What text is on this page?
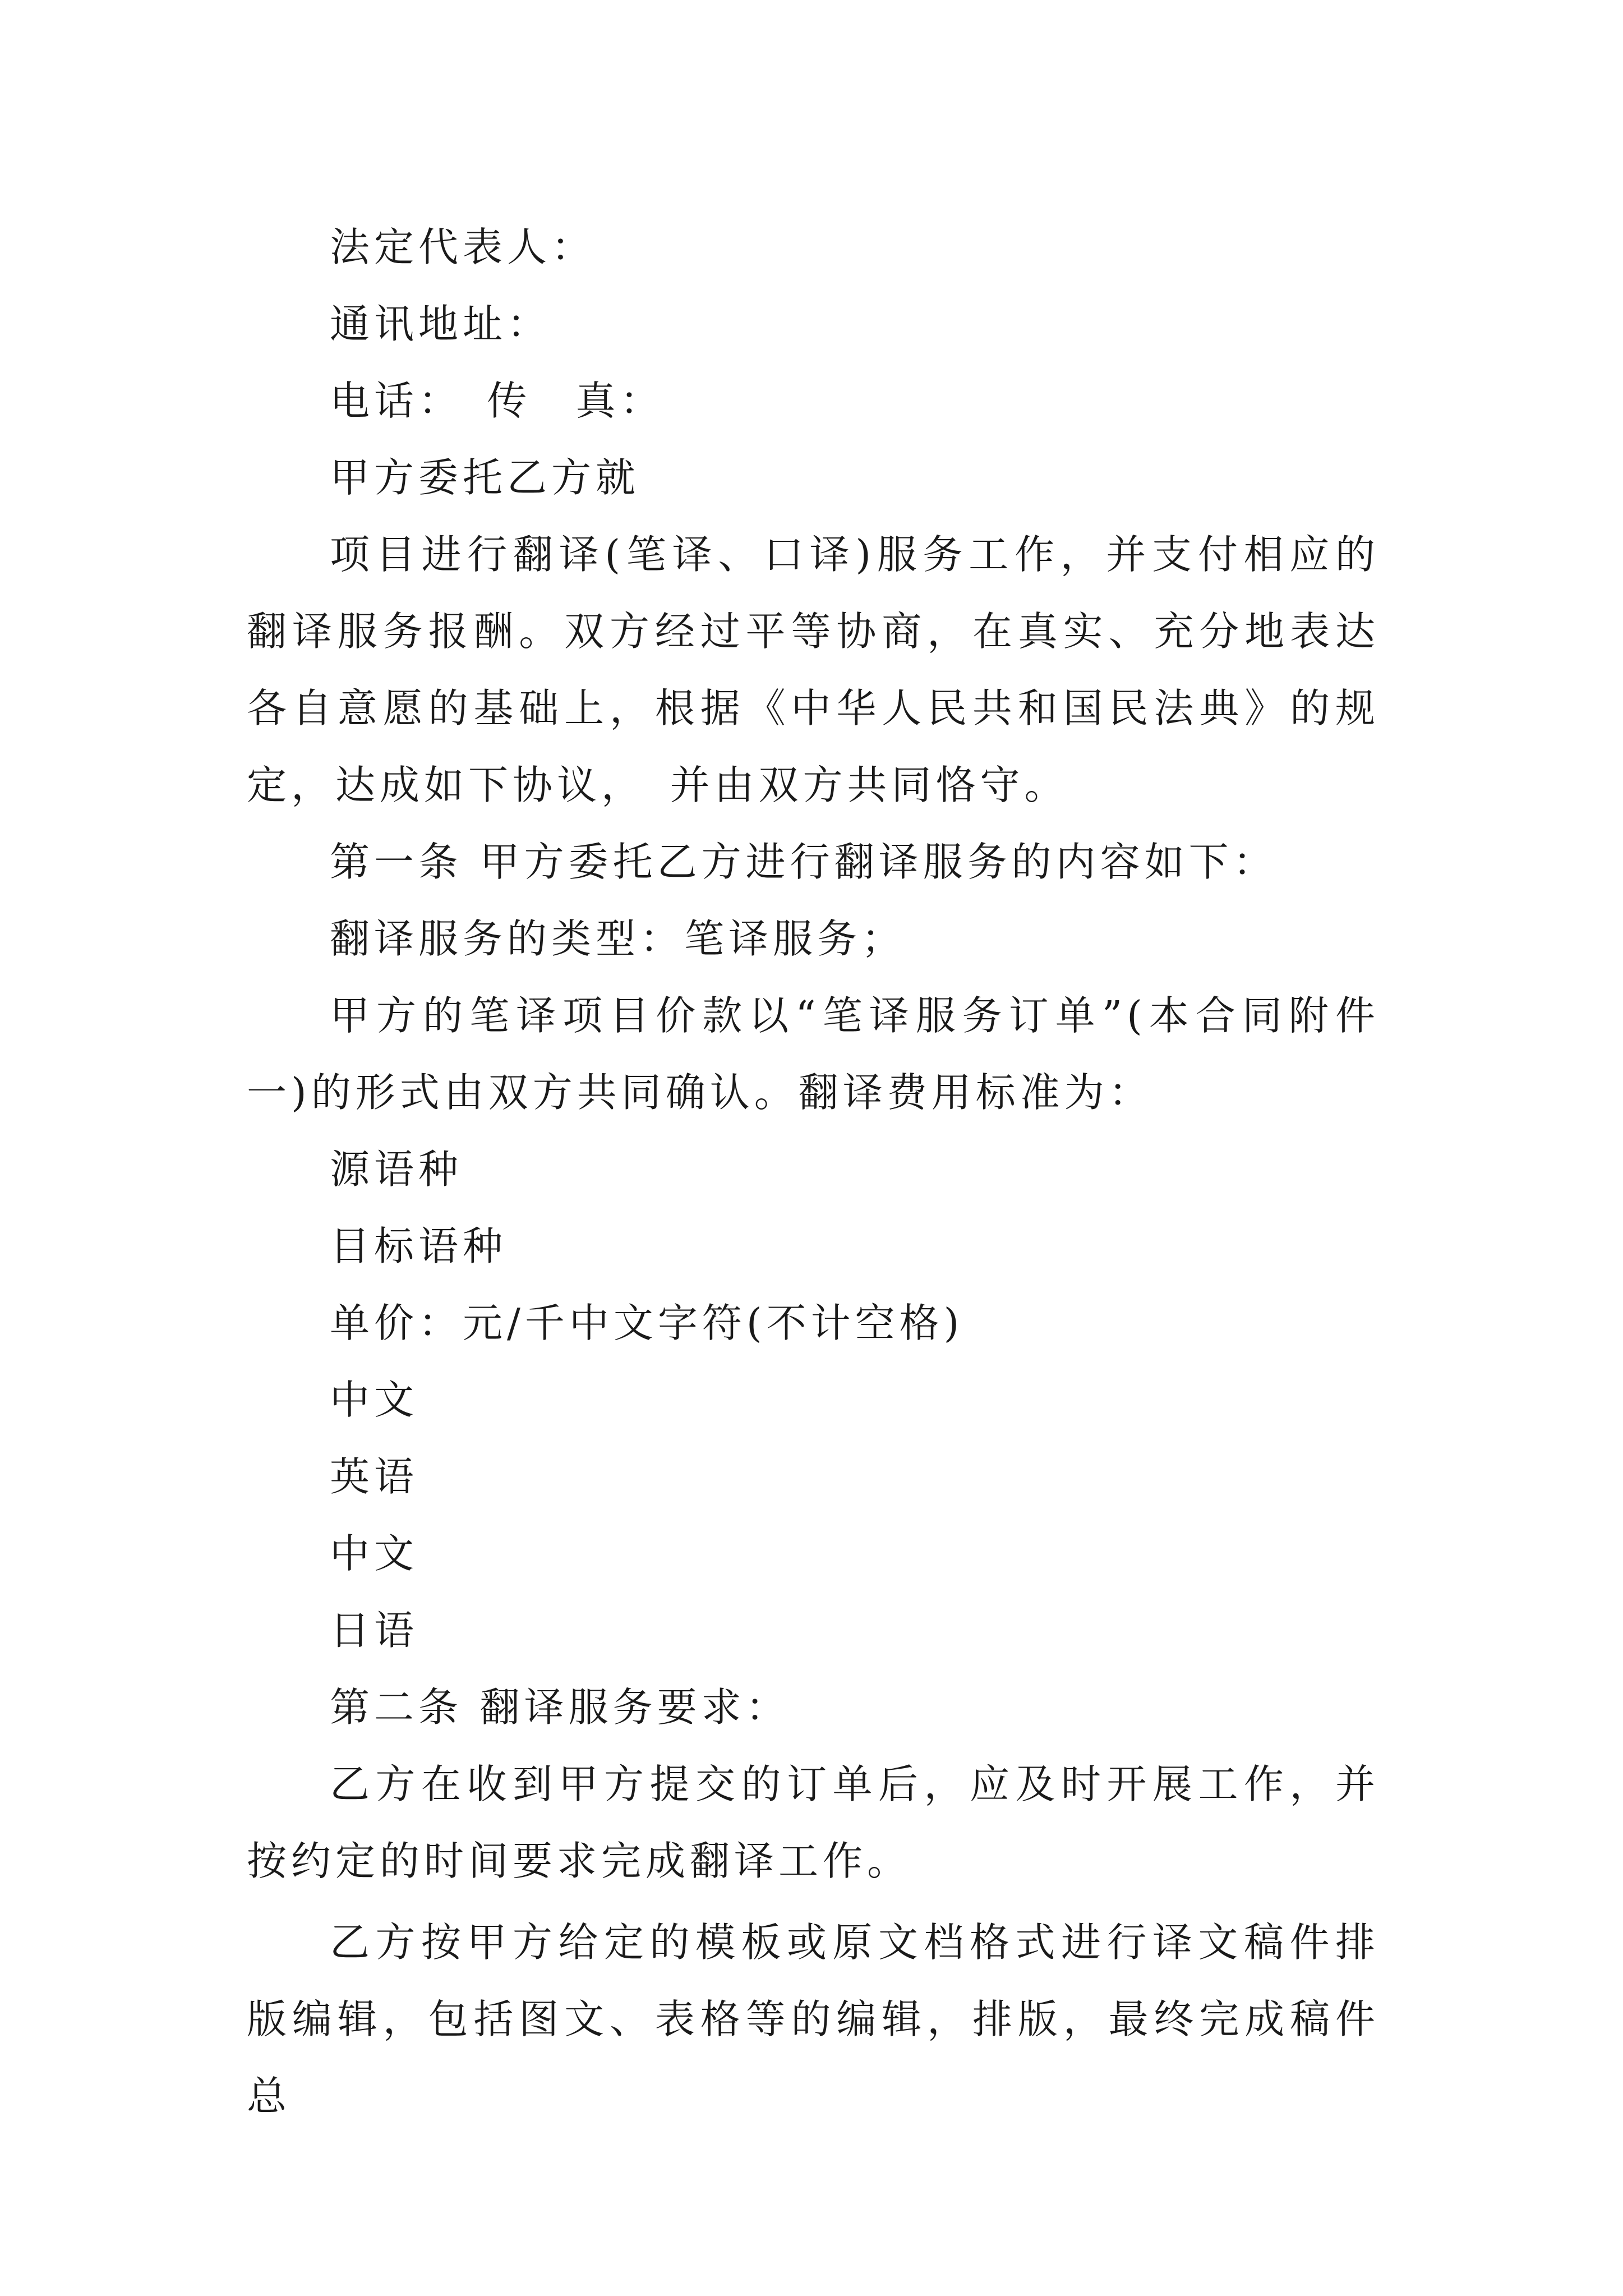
法定代表人：

通讯地址：

电话：　传　真：

甲方委托乙方就

项目进行翻译(笔译、口译)服务工作，并支付相应的翻译服务报酬。双方经过平等协商，在真实、充分地表达各自意愿的基础上，根据《中华人民共和国民法典》的规定，达成如下协议，　并由双方共同恪守。

第一条 甲方委托乙方进行翻译服务的内容如下：

翻译服务的类型：笔译服务；

甲方的笔译项目价款以“笔译服务订单”(本合同附件一)的形式由双方共同确认。翻译费用标准为：

源语种

目标语种

单价：元/千中文字符(不计空格)

中文

英语

中文

日语

第二条 翻译服务要求：

乙方在收到甲方提交的订单后，应及时开展工作，并按约定的时间要求完成翻译工作。

乙方按甲方给定的模板或原文档格式进行译文稿件排版编辑，包括图文、表格等的编辑，排版，最终完成稿件总
